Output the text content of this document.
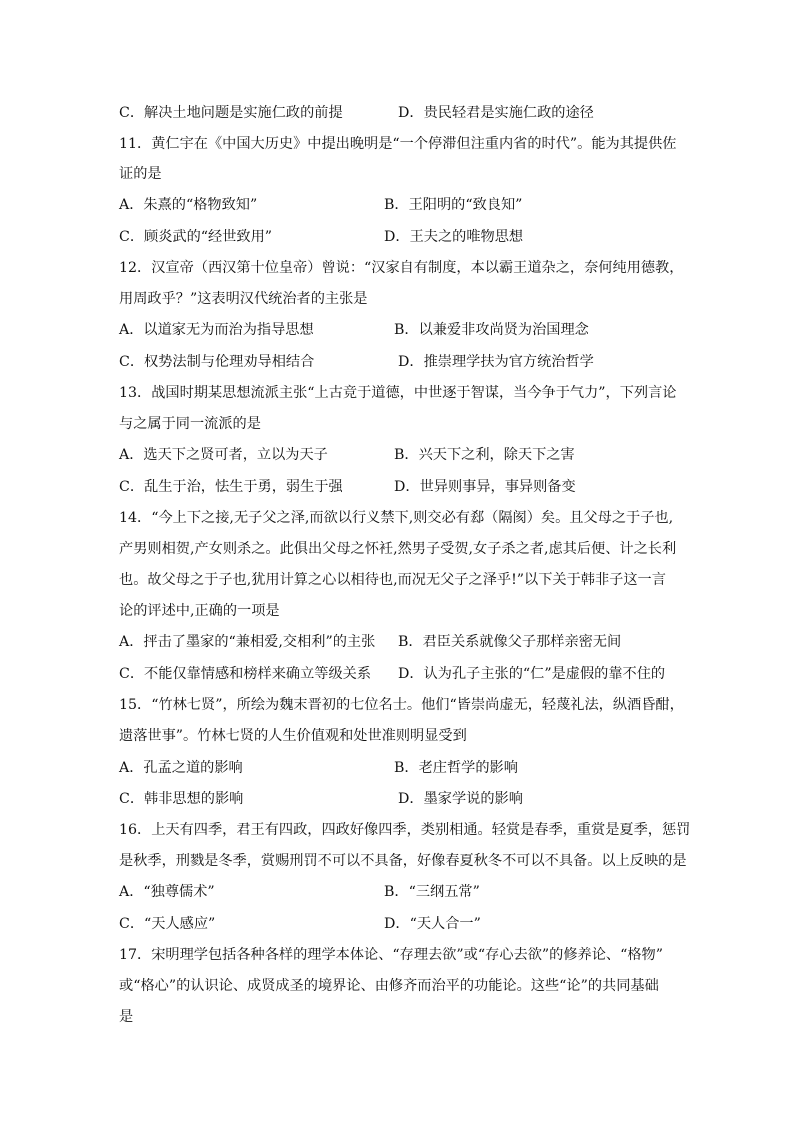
C．解决土地问题是实施仁政的前提	D．贵民轻君是实施仁政的途径
11．黄仁宇在《中国大历史》中提出晚明是“一个停滞但注重内省的时代”。能为其提供佐
证的是
A．朱熹的“格物致知”	B．王阳明的“致良知”
C．顾炎武的“经世致用”	D．王夫之的唯物思想
12．汉宣帝（西汉第十位皇帝）曾说：“汉家自有制度，本以霸王道杂之，奈何纯用德教，
用周政乎？”这表明汉代统治者的主张是
A．以道家无为而治为指导思想	B．以兼爱非攻尚贤为治国理念
C．权势法制与伦理劝导相结合	D．推崇理学扶为官方统治哲学
13．战国时期某思想流派主张“上古竞于道德，中世逐于智谋，当今争于气力”，下列言论
与之属于同一流派的是
A．选天下之贤可者，立以为天子	B．兴天下之利，除天下之害
C．乱生于治，怯生于勇，弱生于强	D．世异则事异，事异则备变
14．“今上下之接,无子父之泽,而欲以行义禁下,则交必有郄（隔阂）矣。且父母之于子也,
产男则相贺,产女则杀之。此俱出父母之怀衽,然男子受贺,女子杀之者,虑其后便、计之长利
也。故父母之于子也,犹用计算之心以相待也,而况无父子之泽乎!”以下关于韩非子这一言
论的评述中,正确的一项是
A．抨击了墨家的“兼相爱,交相利”的主张 B．君臣关系就像父子那样亲密无间
C．不能仅靠情感和榜样来确立等级关系 D．认为孔子主张的“仁”是虚假的靠不住的
15．“竹林七贤”，所绘为魏末晋初的七位名士。他们“皆崇尚虚无，轻蔑礼法，纵酒昏酣，
遗落世事”。竹林七贤的人生价值观和处世准则明显受到
A．孔孟之道的影响	B．老庄哲学的影响
C．韩非思想的影响	D．墨家学说的影响
16．上天有四季，君王有四政，四政好像四季，类别相通。轻赏是春季，重赏是夏季，惩罚
是秋季，刑戮是冬季，赏赐刑罚不可以不具备，好像春夏秋冬不可以不具备。以上反映的是
A．“独尊儒术”	B．“三纲五常”
C．“天人感应”	D．“天人合一”
17．宋明理学包括各种各样的理学本体论、“存理去欲”或“存心去欲”的修养论、“格物”
或“格心”的认识论、成贤成圣的境界论、由修齐而治平的功能论。这些“论”的共同基础
是
